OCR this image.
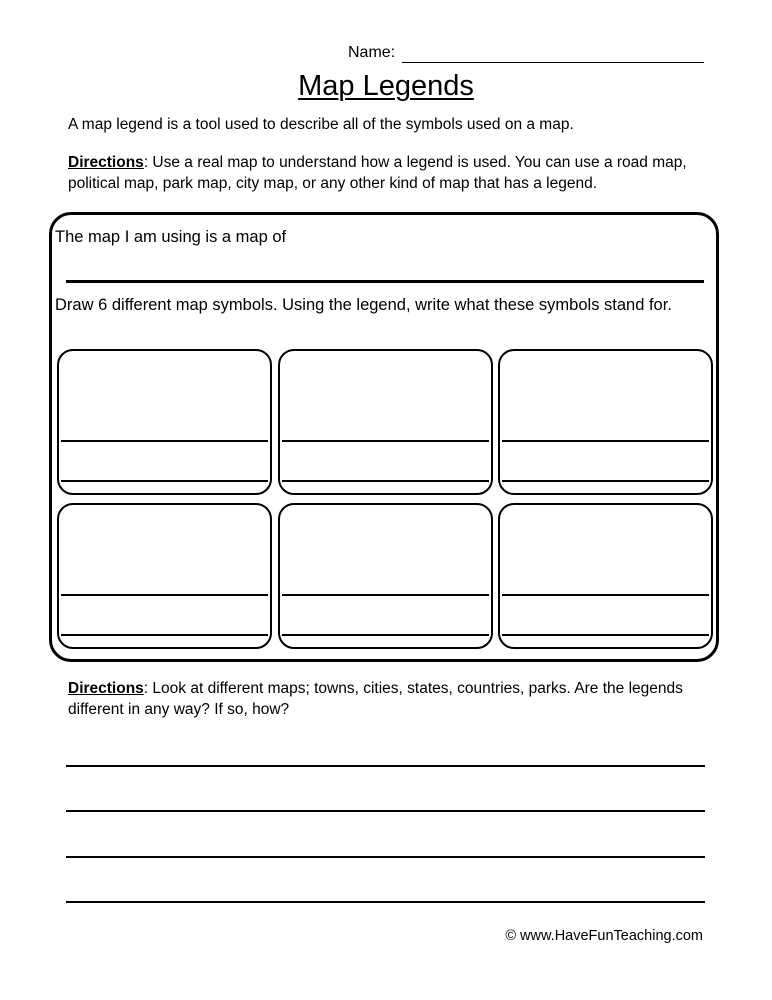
Name:
Map Legends
A map legend is a tool used to describe all of the symbols used on a map.
Directions: Use a real map to understand how a legend is used. You can use a road map, political map, park map, city map, or any other kind of map that has a legend.
The map I am using is a map of
Draw 6 different map symbols. Using the legend, write what these symbols stand for.
Directions: Look at different maps; towns, cities, states, countries, parks. Are the legends different in any way? If so, how?
© www.HaveFunTeaching.com
